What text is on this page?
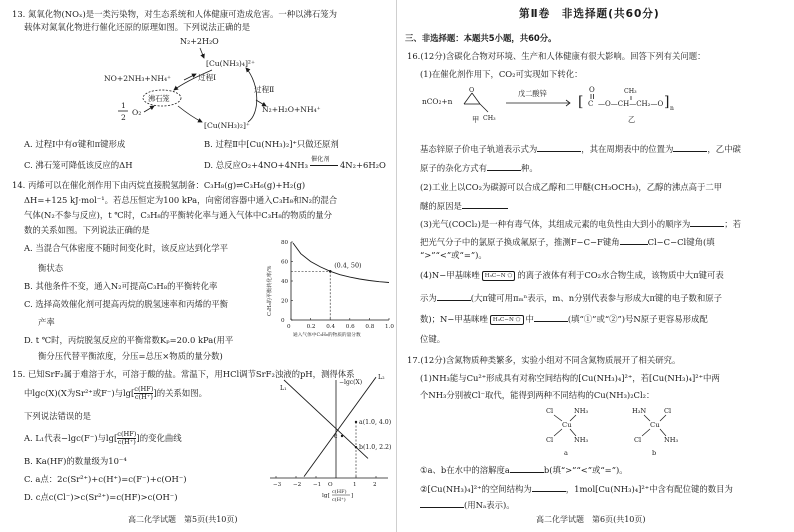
13. 氮氧化物(NOₓ)是一类污染物，对生态系统和人体健康可造成危害。一种以沸石笼为
载体对氮氧化物进行催化还原的原理如图。下列说法正确的是
N₂+2H₂O
[Cu(NH₃)₄]²⁺
NO+2NH₃+NH₄⁺	过程Ⅰ
过程Ⅱ
N₂+H₂O+NH₄⁺
1
2
O₂
[Cu(NH₃)₂]⁺
沸石笼
A. 过程Ⅰ中有σ键和π键形成	B. 过程Ⅱ中[Cu(NH₃)₂]⁺只做还原剂
C. 沸石笼可降低该反应的ΔH	D. 总反应O₂+4NO+4NH₃
催化剂
4N₂+6H₂O
14. 丙烯可以在催化剂作用下由丙烷直接脱氢制备：C₃H₈(g)⇌C₃H₆(g)+H₂(g)
ΔH=+125 kJ·mol⁻¹。若总压恒定为100 kPa，向密闭容器中通入C₃H₈和N₂的混合
气体(N₂不参与反应)，t ℃时，C₃H₈的平衡转化率与通入气体中C₃H₈的物质的量分
数的关系如图。下列说法正确的是
A. 当混合气体密度不随时间变化时，该反应达到化学平
衡状态
B. 其他条件不变，通入N₂可提高C₃H₈的平衡转化率
C. 选择高效催化剂可提高丙烷的脱氢速率和丙烯的平衡
产率
D. t ℃时，丙烷脱氢反应的平衡常数Kₚ=20.0 kPa(用平
衡分压代替平衡浓度，分压=总压×物质的量分数)
0	0.2 0.4 0.6 0.8 1.0
0
20
40
60
80
(0.4, 50)
通入气体中C₃H₈的物质的量分数
C₃H₈的平衡转化率/%
15. 已知SrF₂属于难溶于水，可溶于酸的盐。常温下，用HCl调节SrF₂浊液的pH，测得体系
中lgc(X)(X为Sr²⁺或F⁻)与$\lg[ \frac{c(HF)}{c(H^+)}$ ]的关系如图。
下列说法错误的是
A. L₁代表−lgc(F⁻)与$\lg[ \frac{c(HF)}{c(H^+)}$ ]的变化曲线
B. Ka(HF)的数量级为10⁻⁴
C. a点：2c(Sr²⁺)+c(H⁺)=c(F⁻)+c(OH⁻)
D. c点c(Cl⁻)>c(Sr²⁺)=c(HF)>c(OH⁻)
O
−3 −2 −1	1	2
−lgc(X)
L₁
L₂
a(1.0, 4.0)
b(1.0, 2.2)
c
lg[
c(HF)
c(H⁺)
]
高二化学试题　第5页(共10页)
第Ⅱ卷　非选择题(共60分)
三、非选择题：本题共5小题，共60分。
16.(12分)含碳化合物对环境、生产和人体健康有很大影响。回答下列有关问题：
(1)在催化剂作用下，CO₂可实现如下转化：
nCO₂+n
O
CH₃
甲
戊二酸锌
[ C
O
—O—CH—CH₂—O ] n
CH₃
乙
基态锌原子价电子轨道表示式为	，其在周期表中的位置为	，乙中碳
原子的杂化方式有	种。
(2)工业上以CO₂为碳源可以合成乙醇和二甲醚(CH₃OCH₃)，乙醇的沸点高于二甲
醚的原因是
(3)光气(COCl₂)是一种有毒气体，其组成元素的电负性由大到小的顺序为	；若
把光气分子中的氯原子换成氟原子，推测F−C−F键角	Cl−C−Cl键角(填
“>”“<”或“=”)。
(4)N−甲基咪唑 H₃C−N ⬠ 的离子液体有利于CO₂水合物生成，该物质中大π键可表
示为	(大π键可用πₘⁿ表示，m、n分别代表参与形成大π键的电子数和原子
数)；N−甲基咪唑 H₃C−N ⬠ 中	(填“①”或“②”)号N原子更容易形成配
位键。
17.(12分)含氮物质种类繁多，实验小组对不同含氮物质展开了相关研究。
(1)NH₃能与Cu²⁺形成具有对称空间结构的[Cu(NH₃)₄]²⁺，若[Cu(NH₃)₄]²⁺中两
个NH₃分别被Cl⁻取代，能得到两种不同结构的Cu(NH₃)₂Cl₂：
Cl	NH₃
Cu
Cl	NH₃
a
H₃N	Cl
Cu
Cl	NH₃
b
①a、b在水中的溶解度a	b(填“>”“<”或“=”)。
②[Cu(NH₃)₄]²⁺的空间结构为	，1mol[Cu(NH₃)₄]²⁺中含有配位键的数目为
(用Nₐ表示)。
高二化学试题　第6页(共10页)
